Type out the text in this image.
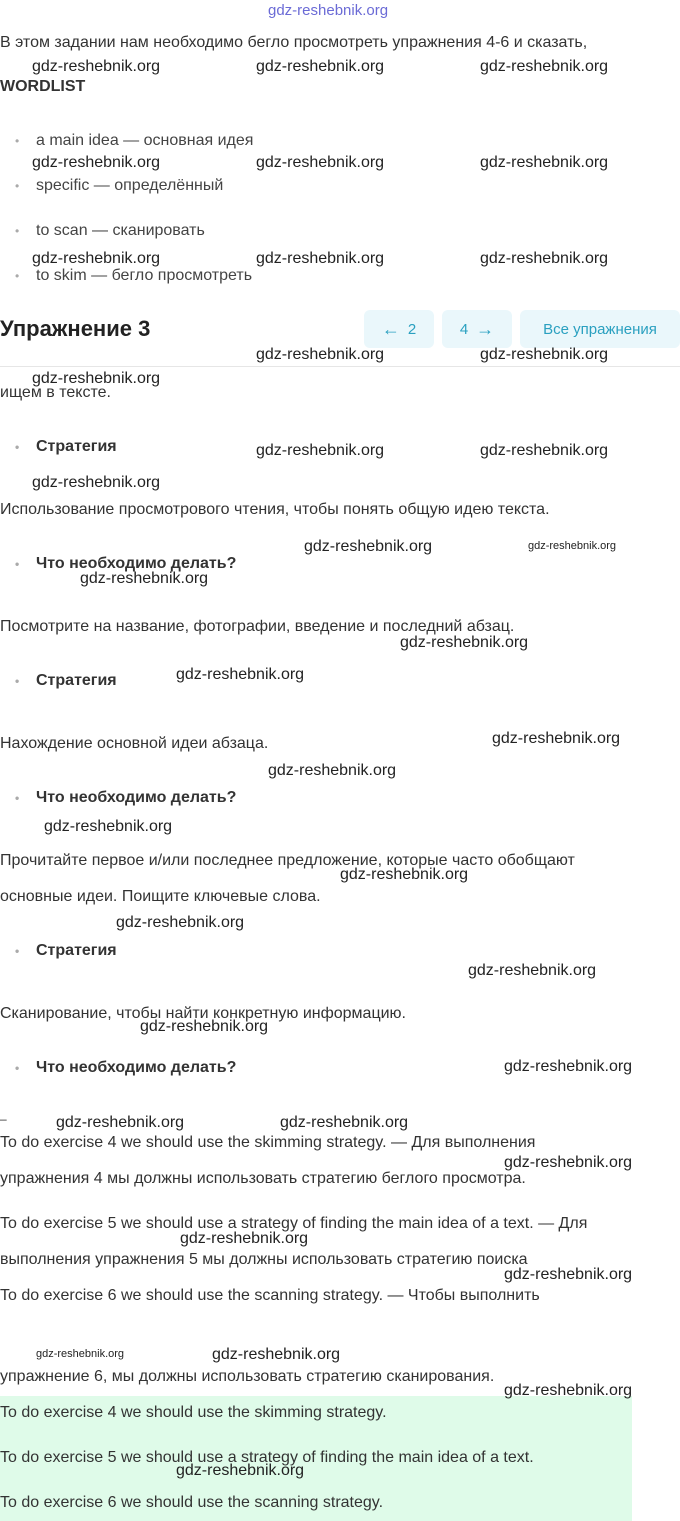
gdz-reshebnik.org
В этом задании нам необходимо бегло просмотреть упражнения 4-6 и сказать,
WORDLIST
• a main idea — основная идея
• specific — определённый
• to scan — сканировать
• to skim — бегло просмотреть
Упражнение 3	← 2	4 →	Все упражнения
ищем в тексте.
• Стратегия
Использование просмотрового чтения, чтобы понять общую идею текста.
• Что необходимо делать?
Посмотрите на название, фотографии, введение и последний абзац.
• Стратегия
Нахождение основной идеи абзаца.
• Что необходимо делать?
Прочитайте первое и/или последнее предложение, которые часто обобщают
основные идеи. Поищите ключевые слова.
• Стратегия
Сканирование, чтобы найти конкретную информацию.
• Что необходимо делать?
–
To do exercise 4 we should use the skimming strategy. — Для выполнения
упражнения 4 мы должны использовать стратегию беглого просмотра.
To do exercise 5 we should use a strategy of finding the main idea of a text. — Для
выполнения упражнения 5 мы должны использовать стратегию поиска
To do exercise 6 we should use the scanning strategy. — Чтобы выполнить
To do exercise 4 we should use the skimming strategy.
To do exercise 5 we should use a strategy of finding the main idea of a text.
To do exercise 6 we should use the scanning strategy.
gdz-reshebnik.org	gdz-reshebnik.org	gdz-reshebnik.org
gdz-reshebnik.org	gdz-reshebnik.org	gdz-reshebnik.org
gdz-reshebnik.org	gdz-reshebnik.org	gdz-reshebnik.org
gdz-reshebnik.org	gdz-reshebnik.org
gdz-reshebnik.org
gdz-reshebnik.org	gdz-reshebnik.org
gdz-reshebnik.org
gdz-reshebnik.org	gdz-reshebnik.org
gdz-reshebnik.org
gdz-reshebnik.org
gdz-reshebnik.org
gdz-reshebnik.org
gdz-reshebnik.org
gdz-reshebnik.org
gdz-reshebnik.org
gdz-reshebnik.org
gdz-reshebnik.org
gdz-reshebnik.org
gdz-reshebnik.org
gdz-reshebnik.org	gdz-reshebnik.org
gdz-reshebnik.org
gdz-reshebnik.org
gdz-reshebnik.org
gdz-reshebnik.org	gdz-reshebnik.org
gdz-reshebnik.org
gdz-reshebnik.org
упражнение 6, мы должны использовать стратегию сканирования.
